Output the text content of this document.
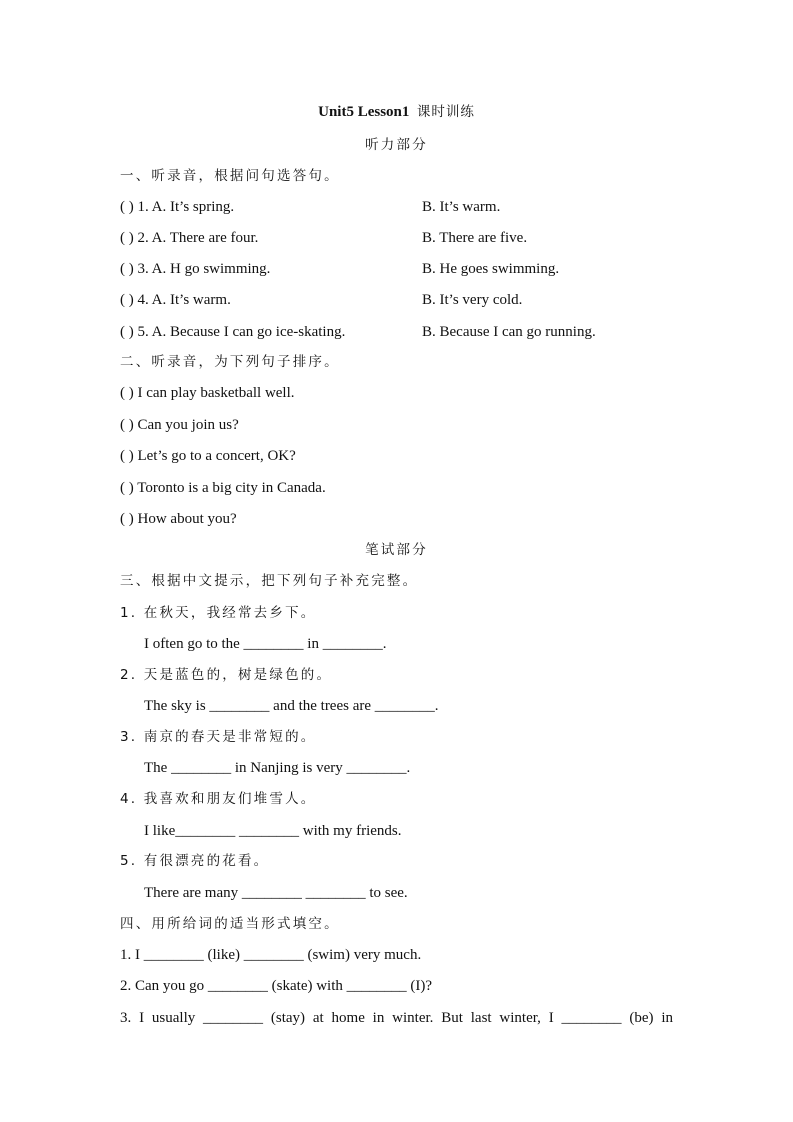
Unit5 Lesson1 课时训练
听力部分
一、听录音，根据问句选答句。
( ) 1. A. It’s spring.	B. It’s warm.
( ) 2. A. There are four.	B. There are five.
( ) 3. A. H go swimming.	B. He goes swimming.
( ) 4. A. It’s warm.	B. It’s very cold.
( ) 5. A. Because I can go ice-skating.	B. Because I can go running.
二、听录音，为下列句子排序。
( ) I can play basketball well.
( ) Can you join us?
( ) Let’s go to a concert, OK?
( ) Toronto is a big city in Canada.
( ) How about you?
笔试部分
三、根据中文提示，把下列句子补充完整。
1. 在秋天，我经常去乡下。
I often go to the ________ in ________.
2. 天是蓝色的，树是绿色的。
The sky is ________ and the trees are ________.
3. 南京的春天是非常短的。
The ________ in Nanjing is very ________.
4. 我喜欢和朋友们堆雪人。
I like________ ________ with my friends.
5. 有很漂亮的花看。
There are many ________ ________ to see.
四、用所给词的适当形式填空。
1. I ________ (like) ________ (swim) very much.
2. Can you go ________ (skate) with ________ (I)?
3. I usually ________ (stay) at home in winter. But last winter, I ________ (be) in
